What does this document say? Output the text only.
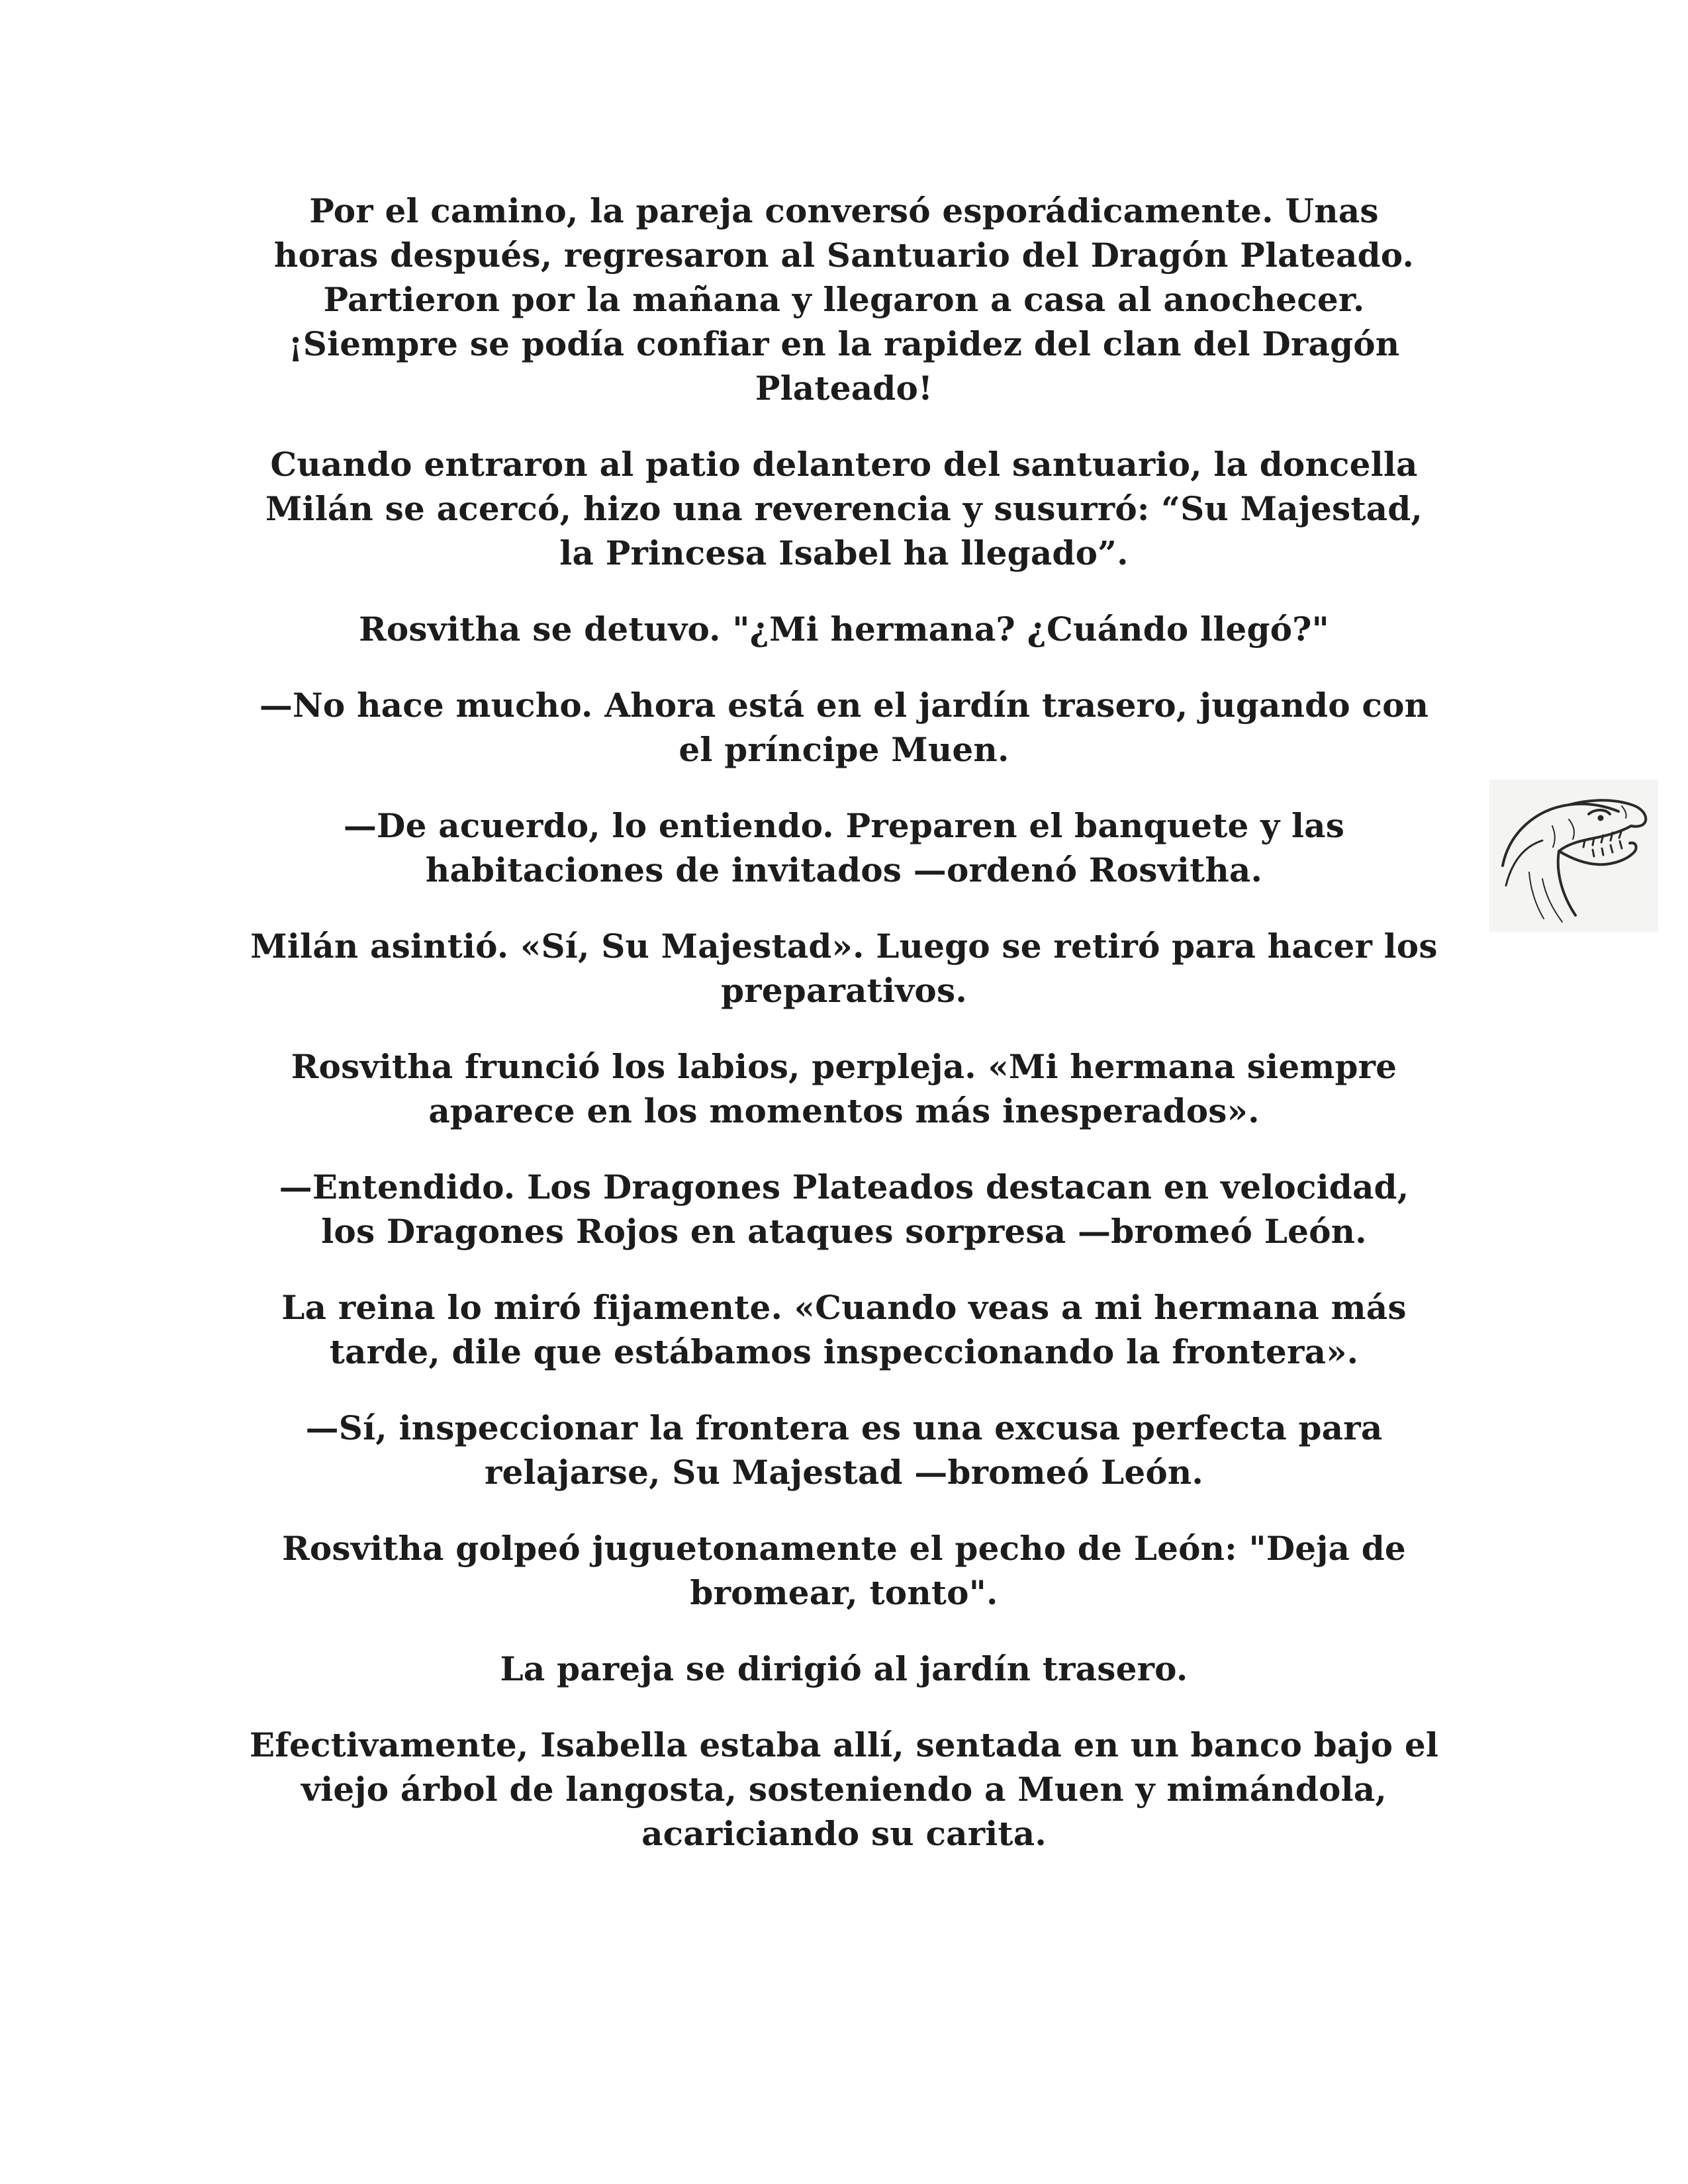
Por el camino, la pareja conversó esporádicamente. Unas
horas después, regresaron al Santuario del Dragón Plateado.
Partieron por la mañana y llegaron a casa al anochecer.
¡Siempre se podía confiar en la rapidez del clan del Dragón
Plateado!

Cuando entraron al patio delantero del santuario, la doncella
Milán se acercó, hizo una reverencia y susurró: “Su Majestad,
la Princesa Isabel ha llegado”.

Rosvitha se detuvo. "¿Mi hermana? ¿Cuándo llegó?"

—No hace mucho. Ahora está en el jardín trasero, jugando con
el príncipe Muen.

—De acuerdo, lo entiendo. Preparen el banquete y las
habitaciones de invitados —ordenó Rosvitha.

Milán asintió. «Sí, Su Majestad». Luego se retiró para hacer los
preparativos.

Rosvitha frunció los labios, perpleja. «Mi hermana siempre
aparece en los momentos más inesperados».

—Entendido. Los Dragones Plateados destacan en velocidad,
los Dragones Rojos en ataques sorpresa —bromeó León.

La reina lo miró fijamente. «Cuando veas a mi hermana más
tarde, dile que estábamos inspeccionando la frontera».

—Sí, inspeccionar la frontera es una excusa perfecta para
relajarse, Su Majestad —bromeó León.

Rosvitha golpeó juguetonamente el pecho de León: "Deja de
bromear, tonto".

La pareja se dirigió al jardín trasero.

Efectivamente, Isabella estaba allí, sentada en un banco bajo el
viejo árbol de langosta, sosteniendo a Muen y mimándola,
acariciando su carita.
